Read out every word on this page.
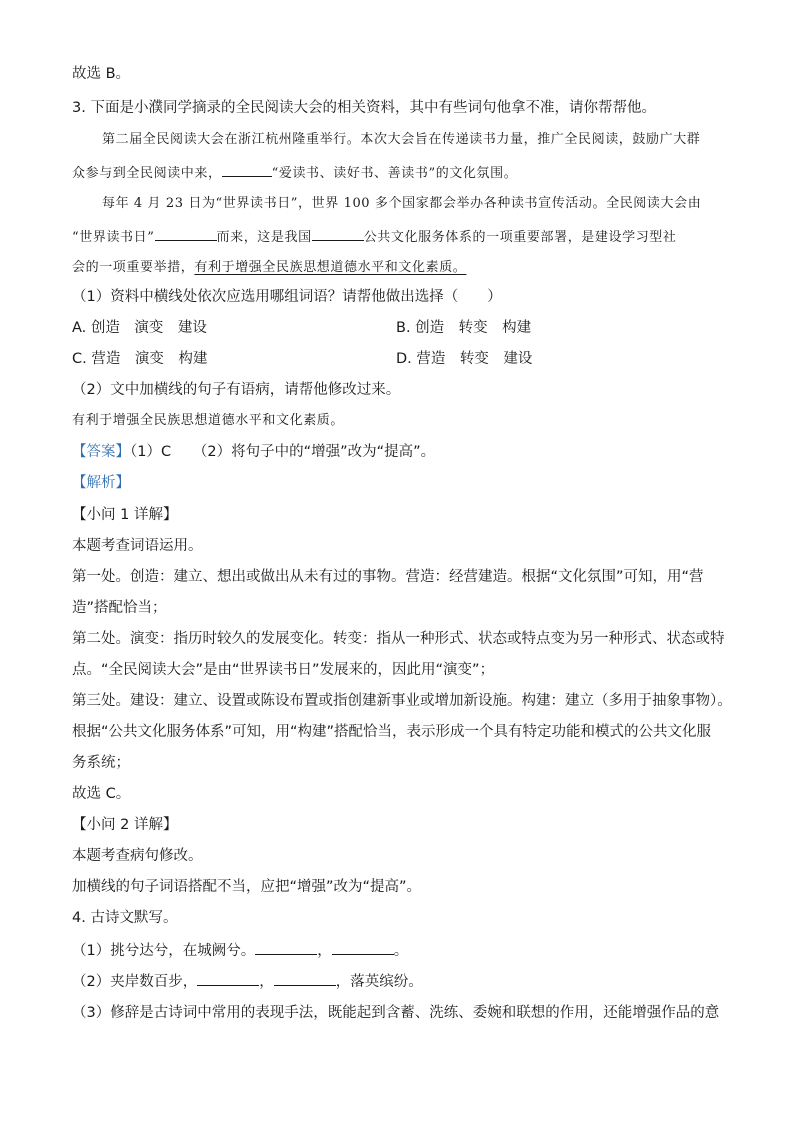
故选 B。
3. 下面是小濮同学摘录的全民阅读大会的相关资料，其中有些词句他拿不准，请你帮帮他。
第二届全民阅读大会在浙江杭州隆重举行。本次大会旨在传递读书力量，推广全民阅读，鼓励广大群
众参与到全民阅读中来，	“爱读书、读好书、善读书”的文化氛围。
每年 4 月 23 日为“世界读书日”，世界 100 多个国家都会举办各种读书宣传活动。全民阅读大会由
“世界读书日”	而来，这是我国	公共文化服务体系的一项重要部署，是建设学习型社
会的一项重要举措，有利于增强全民族思想道德水平和文化素质。
（1）资料中横线处依次应选用哪组词语？请帮他做出选择（　　）
A. 创造　演变　建设	B. 创造　转变　构建
C. 营造　演变　构建	D. 营造　转变　建设
（2）文中加横线的句子有语病，请帮他修改过来。
有利于增强全民族思想道德水平和文化素质。
【答案】（1）C　　（2）将句子中的“增强”改为“提高”。
【解析】
【小问 1 详解】
本题考查词语运用。
第一处。创造：建立、想出或做出从未有过的事物。营造：经营建造。根据“文化氛围”可知，用“营
造”搭配恰当；
第二处。演变：指历时较久的发展变化。转变：指从一种形式、状态或特点变为另一种形式、状态或特
点。“全民阅读大会”是由“世界读书日”发展来的，因此用“演变”；
第三处。建设：建立、设置或陈设布置或指创建新事业或增加新设施。构建：建立（多用于抽象事物）。
根据“公共文化服务体系”可知，用“构建”搭配恰当，表示形成一个具有特定功能和模式的公共文化服
务系统；
故选 C。
【小问 2 详解】
本题考查病句修改。
加横线的句子词语搭配不当，应把“增强”改为“提高”。
4. 古诗文默写。
（1）挑兮达兮，在城阙兮。	，	。
（2）夹岸数百步，	，	，落英缤纷。
（3）修辞是古诗词中常用的表现手法，既能起到含蓄、洗练、委婉和联想的作用，还能增强作品的意
